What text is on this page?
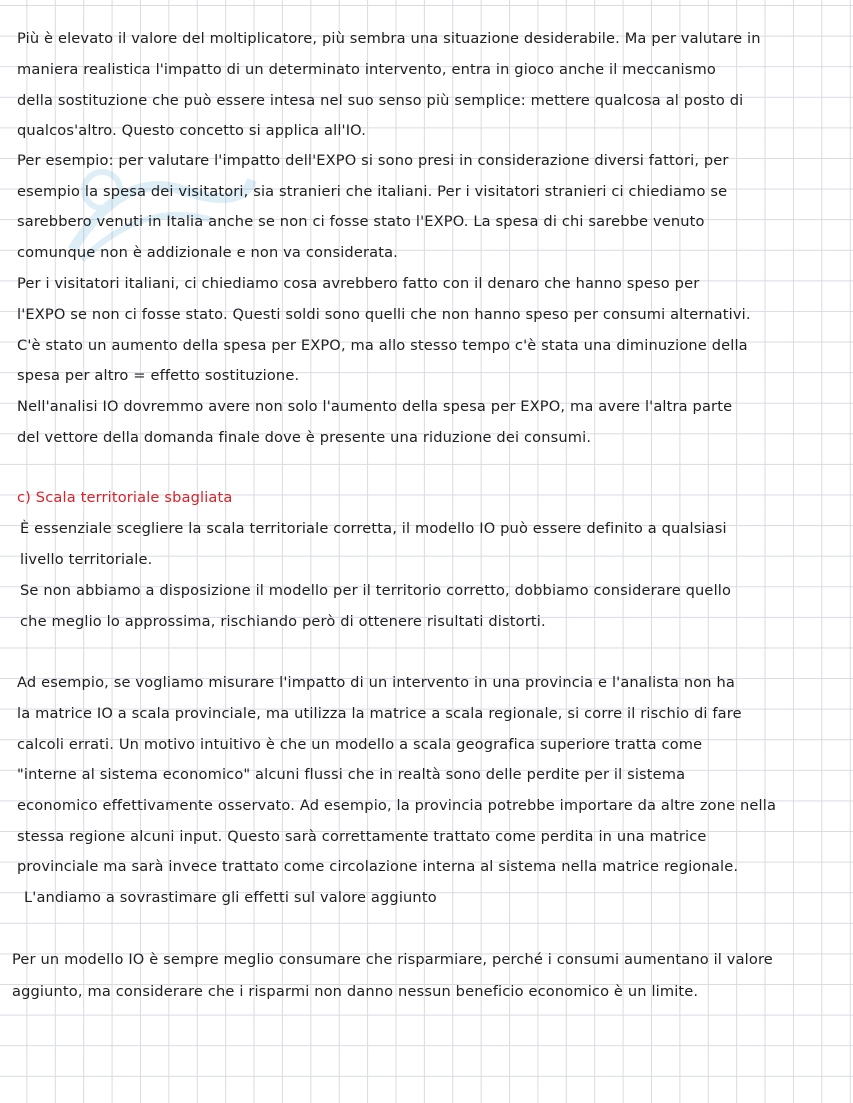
Più è elevato il valore del moltiplicatore, più sembra una situazione desiderabile. Ma per valutare in
maniera realistica l'impatto di un determinato intervento, entra in gioco anche il meccanismo
della sostituzione che può essere intesa nel suo senso più semplice: mettere qualcosa al posto di
qualcos'altro. Questo concetto si applica all'IO.
Per esempio: per valutare l'impatto dell'EXPO si sono presi in considerazione diversi fattori, per
esempio la spesa dei visitatori, sia stranieri che italiani. Per i visitatori stranieri ci chiediamo se
sarebbero venuti in Italia anche se non ci fosse stato l'EXPO. La spesa di chi sarebbe venuto
comunque non è addizionale e non va considerata.
Per i visitatori italiani, ci chiediamo cosa avrebbero fatto con il denaro che hanno speso per
l'EXPO se non ci fosse stato. Questi soldi sono quelli che non hanno speso per consumi alternativi.
C'è stato un aumento della spesa per EXPO, ma allo stesso tempo c'è stata una diminuzione della
spesa per altro = effetto sostituzione.
Nell'analisi IO dovremmo avere non solo l'aumento della spesa per EXPO, ma avere l'altra parte
del vettore della domanda finale dove è presente una riduzione dei consumi.
c) Scala territoriale sbagliata
È essenziale scegliere la scala territoriale corretta, il modello IO può essere definito a qualsiasi
livello territoriale.
Se non abbiamo a disposizione il modello per il territorio corretto, dobbiamo considerare quello
che meglio lo approssima, rischiando però di ottenere risultati distorti.
Ad esempio, se vogliamo misurare l'impatto di un intervento in una provincia e l'analista non ha
la matrice IO a scala provinciale, ma utilizza la matrice a scala regionale, si corre il rischio di fare
calcoli errati. Un motivo intuitivo è che un modello a scala geografica superiore tratta come
"interne al sistema economico" alcuni flussi che in realtà sono delle perdite per il sistema
economico effettivamente osservato. Ad esempio, la provincia potrebbe importare da altre zone nella
stessa regione alcuni input. Questo sarà correttamente trattato come perdita in una matrice
provinciale ma sarà invece trattato come circolazione interna al sistema nella matrice regionale.
L'andiamo a sovrastimare gli effetti sul valore aggiunto
Per un modello IO è sempre meglio consumare che risparmiare, perché i consumi aumentano il valore
aggiunto, ma considerare che i risparmi non danno nessun beneficio economico è un limite.
